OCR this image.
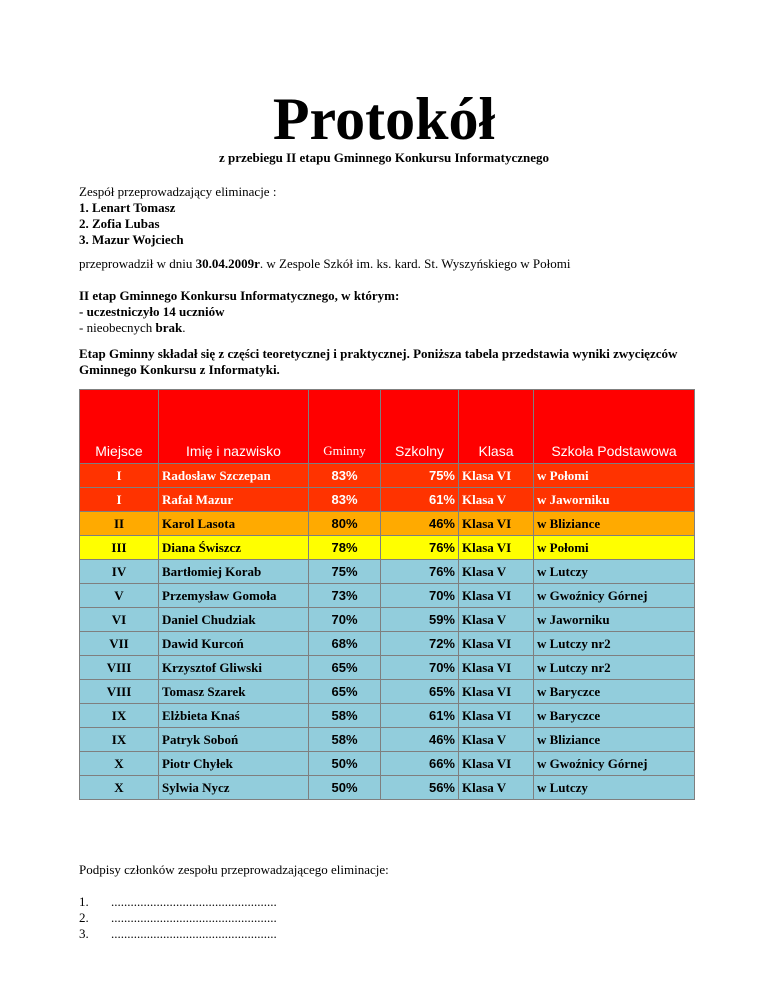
Protokół
z przebiegu II etapu Gminnego Konkursu Informatycznego
Zespół przeprowadzający eliminacje :
1. Lenart Tomasz
2. Zofia Lubas
3. Mazur Wojciech
przeprowadził w dniu 30.04.2009r. w Zespole Szkół im. ks. kard. St. Wyszyńskiego w Połomi
II etap Gminnego Konkursu Informatycznego, w którym:
- uczestniczyło 14 uczniów
- nieobecnych brak.
Etap Gminny składał się z części teoretycznej i praktycznej. Poniższa tabela przedstawia wyniki zwycięzców Gminnego Konkursu z Informatyki.
Miejsce	Imię i nazwisko	Gminny	Szkolny	Klasa	Szkoła Podstawowa
I	Radosław Szczepan	83%	75%	Klasa VI	w Połomi
I	Rafał Mazur	83%	61%	Klasa V	w Jaworniku
II	Karol Lasota	80%	46%	Klasa VI	w Bliziance
III	Diana Świszcz	78%	76%	Klasa VI	w Połomi
IV	Bartłomiej Korab	75%	76%	Klasa V	w Lutczy
V	Przemysław Gomoła	73%	70%	Klasa VI	w Gwoźnicy Górnej
VI	Daniel Chudziak	70%	59%	Klasa V	w Jaworniku
VII	Dawid Kurcoń	68%	72%	Klasa VI	w Lutczy nr2
VIII	Krzysztof Gliwski	65%	70%	Klasa VI	w Lutczy nr2
VIII	Tomasz Szarek	65%	65%	Klasa VI	w Baryczce
IX	Elżbieta Knaś	58%	61%	Klasa VI	w Baryczce
IX	Patryk Soboń	58%	46%	Klasa V	w Bliziance
X	Piotr Chyłek	50%	66%	Klasa VI	w Gwoźnicy Górnej
X	Sylwia Nycz	50%	56%	Klasa V	w Lutczy
Podpisy członków zespołu przeprowadzającego eliminacje:
1. ...................................................
2. ...................................................
3. ...................................................
